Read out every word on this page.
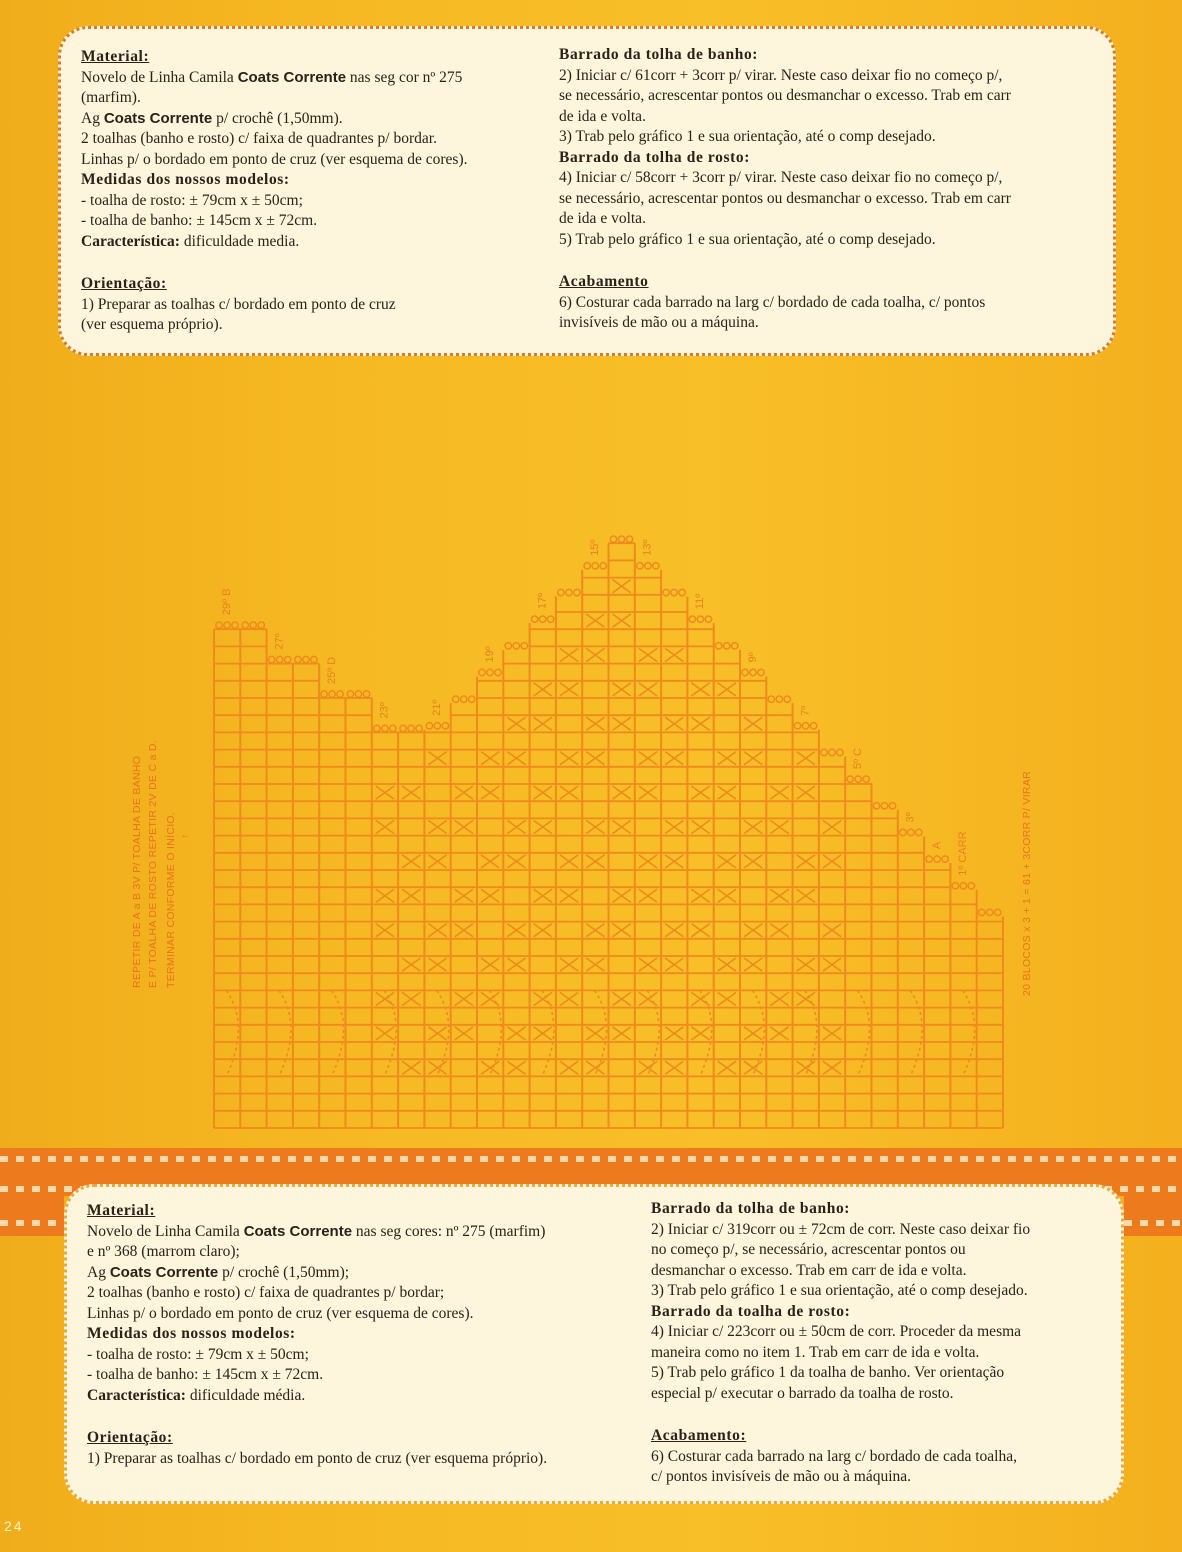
Material:

Novelo de Linha Camila Coats Corrente nas seg cor nº 275

(marfim).

Ag Coats Corrente p/ crochê (1,50mm).

2 toalhas (banho e rosto) c/ faixa de quadrantes p/ bordar.

Linhas p/ o bordado em ponto de cruz (ver esquema de cores).

Medidas dos nossos modelos:

- toalha de rosto: ± 79cm x ± 50cm;

- toalha de banho: ± 145cm x ± 72cm.

Característica: dificuldade media.

Orientação:

1) Preparar as toalhas c/ bordado em ponto de cruz

(ver esquema próprio).

Barrado da tolha de banho:

2) Iniciar c/ 61corr + 3corr p/ virar. Neste caso deixar fio no começo p/,

se necessário, acrescentar pontos ou desmanchar o excesso. Trab em carr

de ida e volta.

3) Trab pelo gráfico 1 e sua orientação, até o comp desejado.

Barrado da tolha de rosto:

4) Iniciar c/ 58corr + 3corr p/ virar. Neste caso deixar fio no começo p/,

se necessário, acrescentar pontos ou desmanchar o excesso. Trab em carr

de ida e volta.

5) Trab pelo gráfico 1 e sua orientação, até o comp desejado.

Acabamento

6) Costurar cada barrado na larg c/ bordado de cada toalha, c/ pontos

invisíveis de mão ou a máquina.

29º B
27º
25º D
23º	21º
19º
17º
15º	13º
11º
9º
7º
5º C
3º
A 1º CARR
REPETIR DE A a B 3V P/ TOALHA DE BANHO E P/ TOALHA DE ROSTO REPETIR 2V DE C a D. TERMINAR CONFORME O INÍCIO.	20 BLOCOS x 3 + 1 = 61 + 3CORR P/ VIRAR
←

Material:

Novelo de Linha Camila Coats Corrente nas seg cores: nº 275 (marfim)

e nº 368 (marrom claro);

Ag Coats Corrente p/ crochê (1,50mm);

2 toalhas (banho e rosto) c/ faixa de quadrantes p/ bordar;

Linhas p/ o bordado em ponto de cruz (ver esquema de cores).

Medidas dos nossos modelos:

- toalha de rosto: ± 79cm x ± 50cm;

- toalha de banho: ± 145cm x ± 72cm.

Característica: dificuldade média.

Orientação:

1) Preparar as toalhas c/ bordado em ponto de cruz (ver esquema próprio).

Barrado da tolha de banho:

2) Iniciar c/ 319corr ou ± 72cm de corr. Neste caso deixar fio

no começo p/, se necessário, acrescentar pontos ou

desmanchar o excesso. Trab em carr de ida e volta.

3) Trab pelo gráfico 1 e sua orientação, até o comp desejado.

Barrado da toalha de rosto:

4) Iniciar c/ 223corr ou ± 50cm de corr. Proceder da mesma

maneira como no item 1. Trab em carr de ida e volta.

5) Trab pelo gráfico 1 da toalha de banho. Ver orientação

especial p/ executar o barrado da toalha de rosto.

Acabamento:

6) Costurar cada barrado na larg c/ bordado de cada toalha,

c/ pontos invisíveis de mão ou à máquina.

24
